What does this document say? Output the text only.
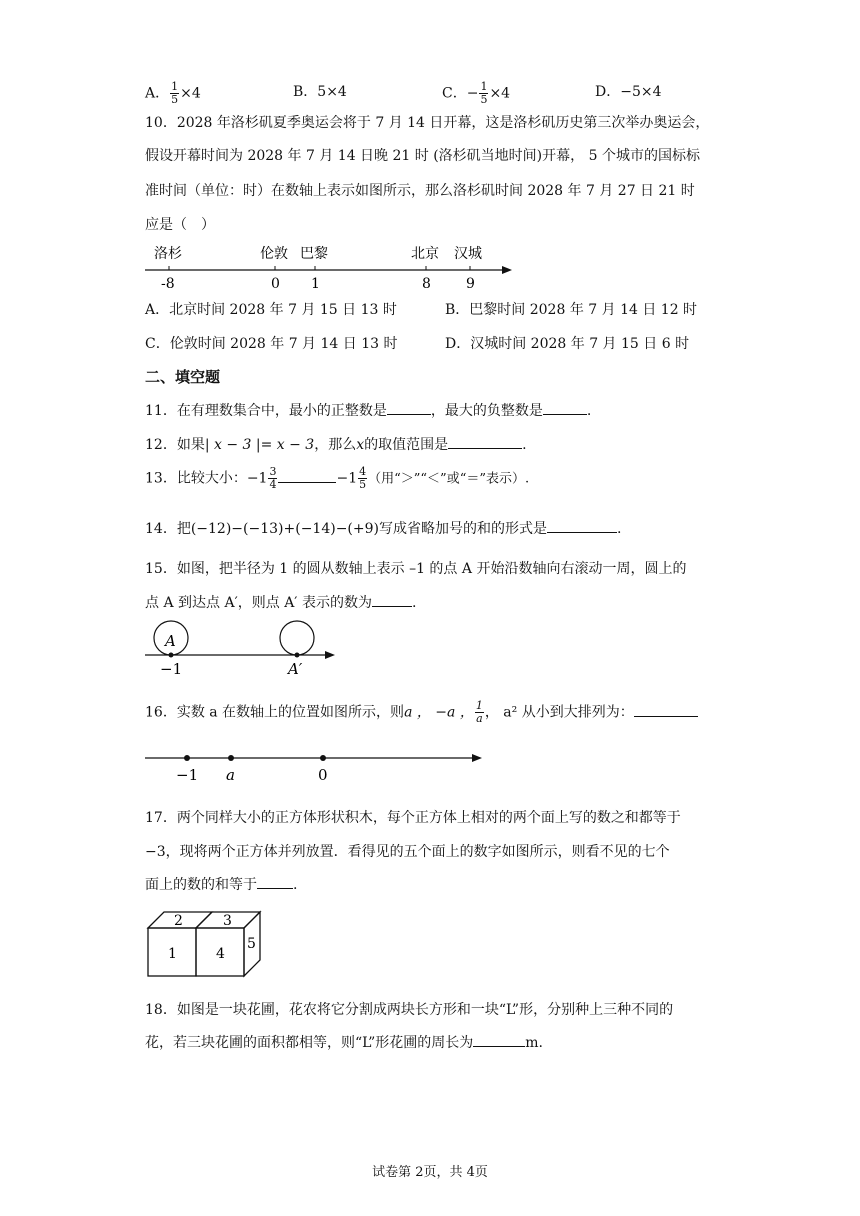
A． $\frac{1}{5} \times 4$	B．5×4	C．− $\frac{1}{5} \times 4$	D．−5×4
10．2028 年洛杉矶夏季奥运会将于 7 月 14 日开幕，这是洛杉矶历史第三次举办奥运会，
假设开幕时间为 2028 年 7 月 14 日晚 21 时 (洛杉矶当地时间)开幕， 5 个城市的国标标
准时间（单位：时）在数轴上表示如图所示，那么洛杉矶时间 2028 年 7 月 27 日 21 时
应是（　）
洛杉	伦敦 巴黎	北京 汉城
-8	0 1	8	9
A．北京时间 2028 年 7 月 15 日 13 时	B．巴黎时间 2028 年 7 月 14 日 12 时
C．伦敦时间 2028 年 7 月 14 日 13 时	D．汉城时间 2028 年 7 月 15 日 6 时
二、填空题
11．在有理数集合中，最小的正整数是	，最大的负整数是	.
12．如果| x − 3 |= x − 3，那么x的取值范围是	.
13．比较大小：$-1 \frac{3}{4}$	$-1 \frac{4}{5}$ （用“＞”“＜”或“＝”表示）.
14．把(−12)−(−13)+(−14)−(+9)写成省略加号的和的形式是	.
15．如图，把半径为 1 的圆从数轴上表示 –1 的点 A 开始沿数轴向右滚动一周，圆上的
点 A 到达点 A′，则点 A′ 表示的数为	.
A
−1	A′
16．实数 a 在数轴上的位置如图所示，则a ， −a ， $\frac{1}{a}$ ， a² 从小到大排列为：
−1 a	0
17．两个同样大小的正方体形状积木，每个正方体上相对的两个面上写的数之和都等于
−3，现将两个正方体并列放置．看得见的五个面上的数字如图所示，则看不见的七个
面上的数的和等于	.
2	3
1	4
5
18．如图是一块花圃，花农将它分割成两块长方形和一块“L”形，分别种上三种不同的
花，若三块花圃的面积都相等，则“L”形花圃的周长为	m.
试卷第 2页，共 4页
